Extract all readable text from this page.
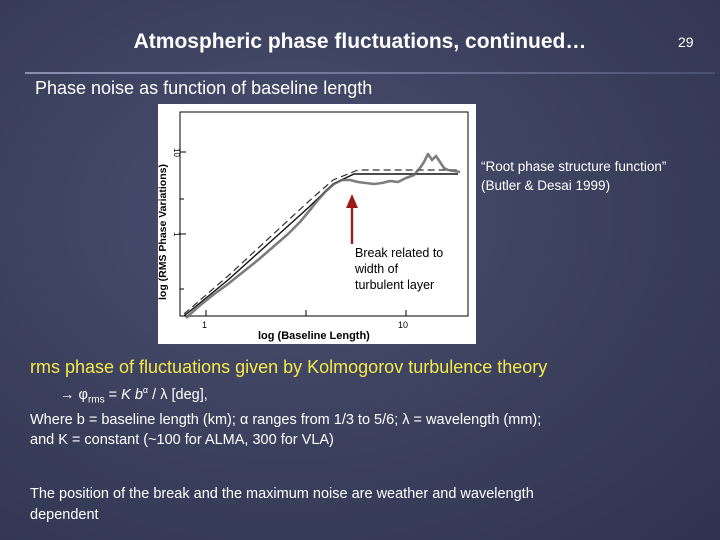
Atmospheric phase fluctuations, continued…	29
Phase noise as function of baseline length
1	10
10
1
log (RMS Phase Variations)
log (Baseline Length)
Break related to
width of
turbulent layer
“Root phase structure function”
(Butler & Desai 1999)
rms phase of fluctuations given by Kolmogorov turbulence theory
→ $\varphi_{rms} = K$ $b^\alpha$ / λ [deg],
Where b = baseline length (km); α ranges from 1/3 to 5/6; λ = wavelength (mm);
and K = constant (~100 for ALMA, 300 for VLA)
The position of the break and the maximum noise are weather and wavelength
dependent
